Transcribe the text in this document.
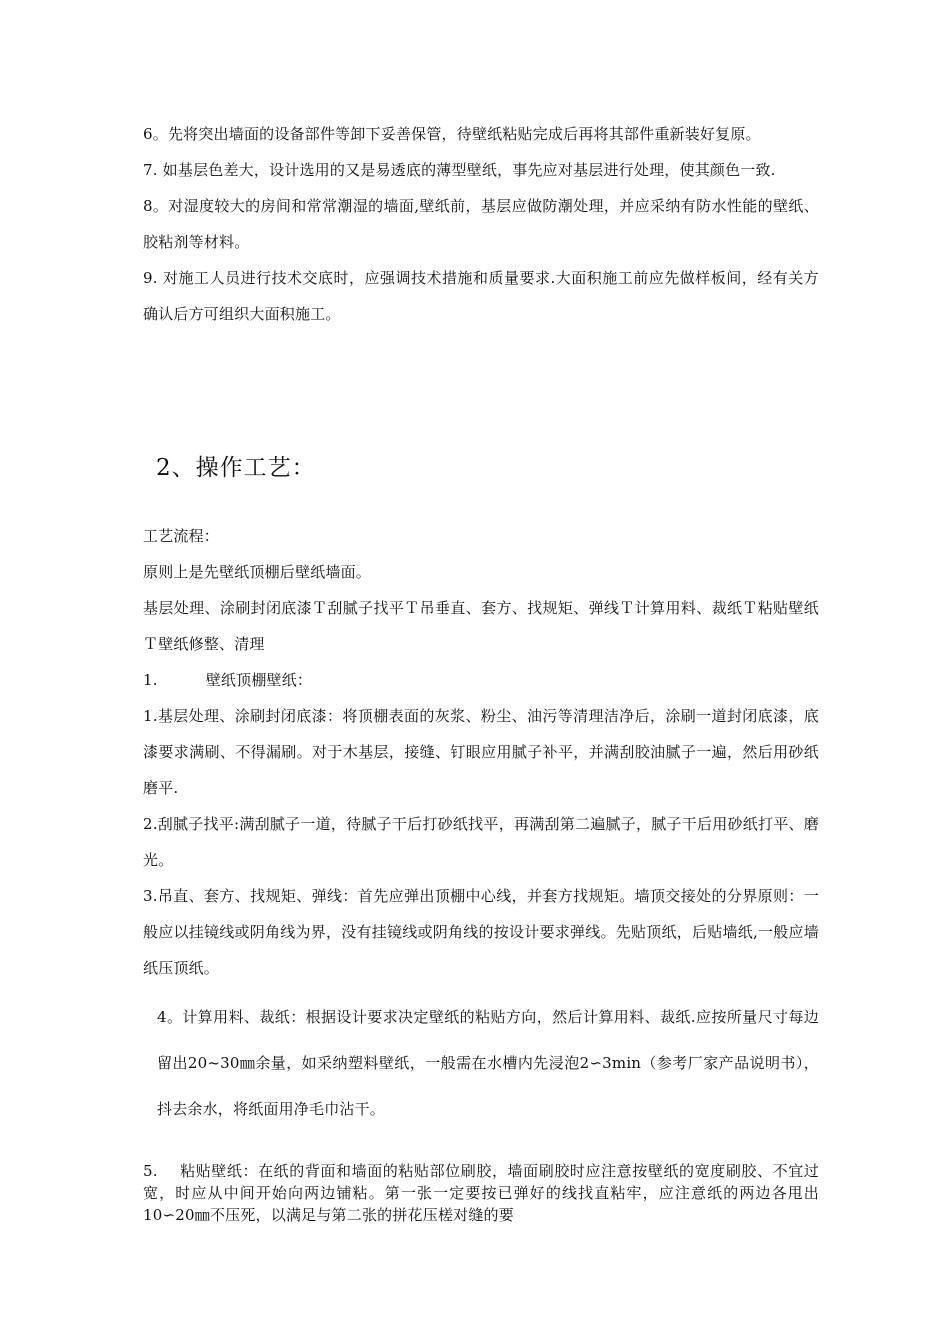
6。先将突出墙面的设备部件等卸下妥善保管，待壁纸粘贴完成后再将其部件重新装好复原。

7. 如基层色差大，设计选用的又是易透底的薄型壁纸，事先应对基层进行处理，使其颜色一致.

8。对湿度较大的房间和常常潮湿的墙面,壁纸前，基层应做防潮处理，并应采纳有防水性能的壁纸、胶粘剂等材料。

9. 对施工人员进行技术交底时，应强调技术措施和质量要求.大面积施工前应先做样板间，经有关方确认后方可组织大面积施工。

2、操作工艺：

工艺流程：

原则上是先壁纸顶棚后壁纸墙面。

基层处理、涂刷封闭底漆Ｔ刮腻子找平Ｔ吊垂直、套方、找规矩、弹线Ｔ计算用料、裁纸Ｔ粘贴壁纸Ｔ壁纸修整、清理

1.	壁纸顶棚壁纸：

1.基层处理、涂刷封闭底漆：将顶棚表面的灰浆、粉尘、油污等清理洁净后，涂刷一道封闭底漆，底漆要求满刷、不得漏刷。对于木基层，接缝、钉眼应用腻子补平，并满刮胶油腻子一遍，然后用砂纸磨平.

2.刮腻子找平:满刮腻子一道，待腻子干后打砂纸找平，再满刮第二遍腻子，腻子干后用砂纸打平、磨光。

3.吊直、套方、找规矩、弹线：首先应弹出顶棚中心线，并套方找规矩。墙顶交接处的分界原则：一般应以挂镜线或阴角线为界，没有挂镜线或阴角线的按设计要求弹线。先贴顶纸，后贴墙纸,一般应墙纸压顶纸。

4。计算用料、裁纸：根据设计要求决定壁纸的粘贴方向，然后计算用料、裁纸.应按所量尺寸每边留出20~30㎜余量，如采纳塑料壁纸，一般需在水槽内先浸泡2∽3min（参考厂家产品说明书），抖去余水，将纸面用净毛巾沾干。

5. 粘贴壁纸：在纸的背面和墙面的粘贴部位刷胶，墙面刷胶时应注意按壁纸的宽度刷胶、不宜过宽，时应从中间开始向两边铺粘。第一张一定要按已弹好的线找直粘牢，应注意纸的两边各甩出10∽20㎜不压死，以满足与第二张的拼花压槎对缝的要
